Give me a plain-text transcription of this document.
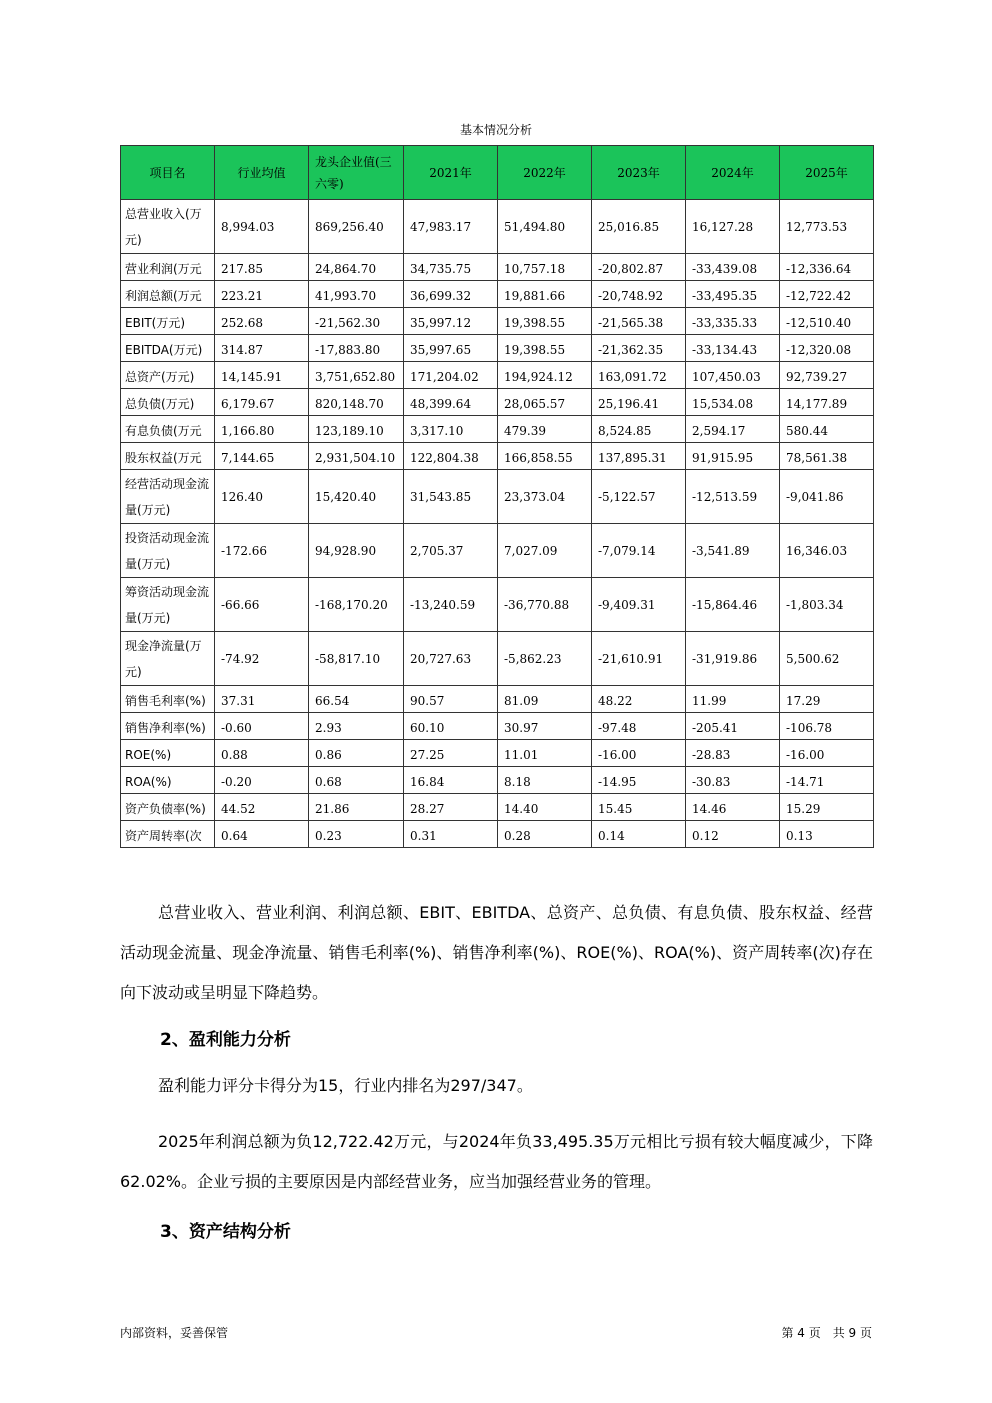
基本情况分析
项目名	行业均值	龙头企业值(三六零)	2021年	2022年	2023年	2024年	2025年
总营业收入(万元)	8,994.03	869,256.40	47,983.17	51,494.80	25,016.85	16,127.28	12,773.53
营业利润(万元	217.85	24,864.70	34,735.75	10,757.18	-20,802.87	-33,439.08	-12,336.64
利润总额(万元	223.21	41,993.70	36,699.32	19,881.66	-20,748.92	-33,495.35	-12,722.42
EBIT(万元)	252.68	-21,562.30	35,997.12	19,398.55	-21,565.38	-33,335.33	-12,510.40
EBITDA(万元)	314.87	-17,883.80	35,997.65	19,398.55	-21,362.35	-33,134.43	-12,320.08
总资产(万元)	14,145.91	3,751,652.80	171,204.02	194,924.12	163,091.72	107,450.03	92,739.27
总负债(万元)	6,179.67	820,148.70	48,399.64	28,065.57	25,196.41	15,534.08	14,177.89
有息负债(万元	1,166.80	123,189.10	3,317.10	479.39	8,524.85	2,594.17	580.44
股东权益(万元	7,144.65	2,931,504.10	122,804.38	166,858.55	137,895.31	91,915.95	78,561.38
经营活动现金流量(万元)	126.40	15,420.40	31,543.85	23,373.04	-5,122.57	-12,513.59	-9,041.86
投资活动现金流量(万元)	-172.66	94,928.90	2,705.37	7,027.09	-7,079.14	-3,541.89	16,346.03
筹资活动现金流量(万元)	-66.66	-168,170.20	-13,240.59	-36,770.88	-9,409.31	-15,864.46	-1,803.34
现金净流量(万元)	-74.92	-58,817.10	20,727.63	-5,862.23	-21,610.91	-31,919.86	5,500.62
销售毛利率(%)	37.31	66.54	90.57	81.09	48.22	11.99	17.29
销售净利率(%)	-0.60	2.93	60.10	30.97	-97.48	-205.41	-106.78
ROE(%)	0.88	0.86	27.25	11.01	-16.00	-28.83	-16.00
ROA(%)	-0.20	0.68	16.84	8.18	-14.95	-30.83	-14.71
资产负债率(%)	44.52	21.86	28.27	14.40	15.45	14.46	15.29
资产周转率(次	0.64	0.23	0.31	0.28	0.14	0.12	0.13
总营业收入、营业利润、利润总额、EBIT、EBITDA、总资产、总负债、有息负债、股东权益、经营活动现金流量、现金净流量、销售毛利率(%)、销售净利率(%)、ROE(%)、ROA(%)、资产周转率(次)存在向下波动或呈明显下降趋势。
2、盈利能力分析
盈利能力评分卡得分为15，行业内排名为297/347。
2025年利润总额为负12,722.42万元，与2024年负33,495.35万元相比亏损有较大幅度减少，下降62.02%。企业亏损的主要原因是内部经营业务，应当加强经营业务的管理。
3、资产结构分析
内部资料，妥善保管	第 4 页　共 9 页
